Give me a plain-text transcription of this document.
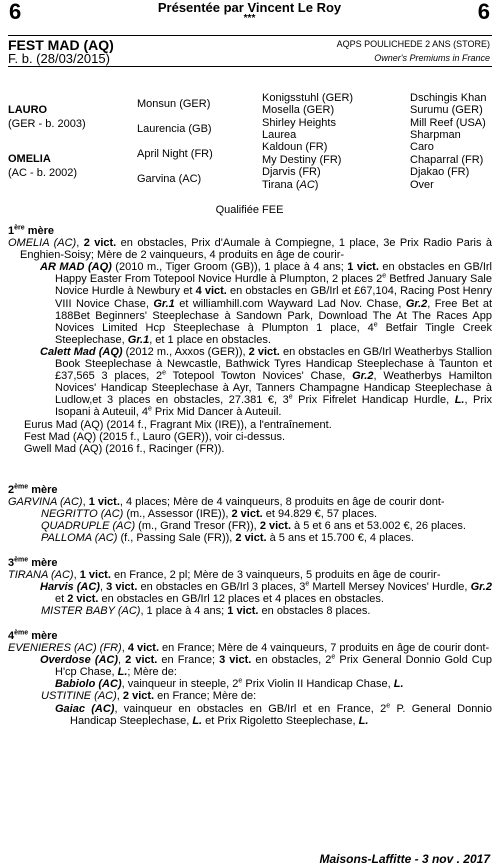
6	6
Présentée par Vincent Le Roy
***
FEST MAD (AQ)
F. b. (28/03/2015)
AQPS POULICHEDE 2 ANS (STORE)
Owner's Premiums in France
LAURO
(GER - b. 2003)
OMELIA
(AC - b. 2002)
Monsun (GER)
Laurencia (GB)
April Night (FR)
Garvina (AC)
Konigsstuhl (GER)
Mosella (GER)
Shirley Heights
Laurea
Kaldoun (FR)
My Destiny (FR)
Djarvis (FR)
Tirana (AC)
Dschingis Khan
Surumu (GER)
Mill Reef (USA)
Sharpman
Caro
Chaparral (FR)
Djakao (FR)
Over
Qualifiée FEE
1ère mère

OMELIA (AC), 2 vict. en obstacles, Prix d'Aumale à Compiegne, 1 place, 3e Prix Radio Paris à Enghien-Soisy; Mère de 2 vainqueurs, 4 produits en âge de courir-

AR MAD (AQ) (2010 m., Tiger Groom (GB)), 1 place à 4 ans; 1 vict. en obstacles en GB/Irl Happy Easter From Totepool Novice Hurdle à Plumpton, 2 places 2e Betfred January Sale Novice Hurdle à Newbury et 4 vict. en obstacles en GB/Irl et £67,104, Racing Post Henry VIII Novice Chase, Gr.1 et williamhill.com Wayward Lad Nov. Chase, Gr.2, Free Bet at 188Bet Beginners' Steeplechase à Sandown Park, Download The At The Races App Novices Limited Hcp Steeplechase à Plumpton 1 place, 4e Betfair Tingle Creek Steeplechase, Gr.1, et 1 place en obstacles.

Calett Mad (AQ) (2012 m., Axxos (GER)), 2 vict. en obstacles en GB/Irl Weatherbys Stallion Book Steeplechase à Newcastle, Bathwick Tyres Handicap Steeplechase à Taunton et £37,565 3 places, 2e Totepool Towton Novices' Chase, Gr.2, Weatherbys Hamilton Novices' Handicap Steeplechase à Ayr, Tanners Champagne Handicap Steeplechase à Ludlow,et 3 places en obstacles, 27.381 €, 3e Prix Fifrelet Handicap Hurdle, L., Prix Isopani à Auteuil, 4e Prix Mid Dancer à Auteuil.

Eurus Mad (AQ) (2014 f., Fragrant Mix (IRE)), a l'entraînement.

Fest Mad (AQ) (2015 f., Lauro (GER)), voir ci-dessus.

Gwell Mad (AQ) (2016 f., Racinger (FR)).

2ème mère

GARVINA (AC), 1 vict., 4 places; Mère de 4 vainqueurs, 8 produits en âge de courir dont-

NEGRITTO (AC) (m., Assessor (IRE)), 2 vict. et 94.829 €, 57 places.

QUADRUPLE (AC) (m., Grand Tresor (FR)), 2 vict. à 5 et 6 ans et 53.002 €, 26 places.

PALLOMA (AC) (f., Passing Sale (FR)), 2 vict. à 5 ans et 15.700 €, 4 places.

3ème mère

TIRANA (AC), 1 vict. en France, 2 pl; Mère de 3 vainqueurs, 5 produits en âge de courir-

Harvis (AC), 3 vict. en obstacles en GB/Irl 3 places, 3e Martell Mersey Novices' Hurdle, Gr.2 et 2 vict. en obstacles en GB/Irl 12 places et 4 places en obstacles.

MISTER BABY (AC), 1 place à 4 ans; 1 vict. en obstacles 8 places.

4ème mère

EVENIERES (AC) (FR), 4 vict. en France; Mère de 4 vainqueurs, 7 produits en âge de courir dont-

Overdose (AC), 2 vict. en France; 3 vict. en obstacles, 2e Prix General Donnio Gold Cup H'cp Chase, L.; Mère de:

Babiolo (AC), vainqueur in steeple, 2e Prix Violin II Handicap Chase, L.

USTITINE (AC), 2 vict. en France; Mère de:

Gaiac (AC), vainqueur en obstacles en GB/Irl et en France, 2e P. General Donnio Handicap Steeplechase, L. et Prix Rigoletto Steeplechase, L.

Maisons-Laffitte - 3 nov . 2017
